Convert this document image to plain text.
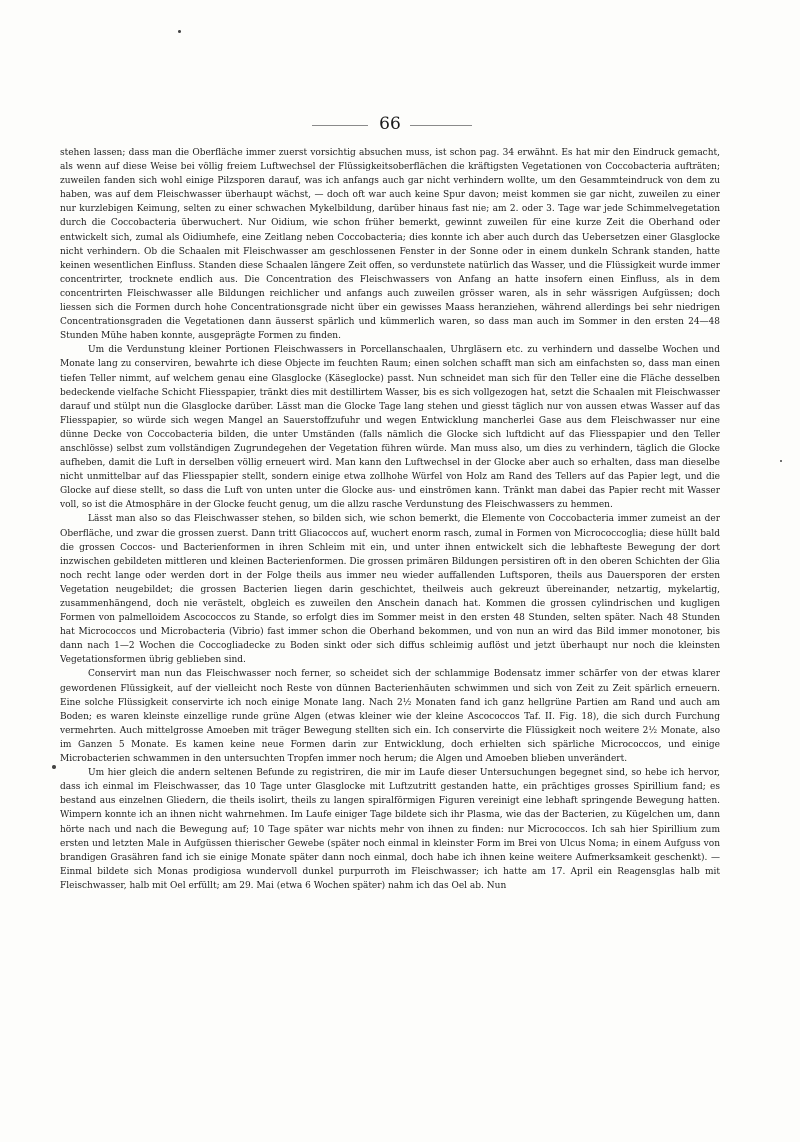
66

stehen lassen; dass man die Oberfläche immer zuerst vorsichtig absuchen muss, ist schon pag. 34 erwähnt. Es hat mir den Eindruck gemacht, als wenn auf diese Weise bei völlig freiem Luftwechsel der Flüssigkeitsoberflächen die kräftigsten Vegetationen von Coccobacteria aufträten; zuweilen fanden sich wohl einige Pilzsporen darauf, was ich anfangs auch gar nicht verhindern wollte, um den Gesammteindruck von dem zu haben, was auf dem Fleischwasser überhaupt wächst, — doch oft war auch keine Spur davon; meist kommen sie gar nicht, zuweilen zu einer nur kurzlebigen Keimung, selten zu einer schwachen Mykelbildung, darüber hinaus fast nie; am 2. oder 3. Tage war jede Schimmelvegetation durch die Coccobacteria überwuchert. Nur Oidium, wie schon früher bemerkt, gewinnt zuweilen für eine kurze Zeit die Oberhand oder entwickelt sich, zumal als Oidiumhefe, eine Zeitlang neben Coccobacteria; dies konnte ich aber auch durch das Uebersetzen einer Glasglocke nicht verhindern. Ob die Schaalen mit Fleischwasser am geschlossenen Fenster in der Sonne oder in einem dunkeln Schrank standen, hatte keinen wesentlichen Einfluss. Standen diese Schaalen längere Zeit offen, so verdunstete natürlich das Wasser, und die Flüssigkeit wurde immer concentrirter, trocknete endlich aus. Die Concentration des Fleischwassers von Anfang an hatte insofern einen Einfluss, als in dem concentrirten Fleischwasser alle Bildungen reichlicher und anfangs auch zuweilen grösser waren, als in sehr wässrigen Aufgüssen; doch liessen sich die Formen durch hohe Concentrationsgrade nicht über ein gewisses Maass heranziehen, während allerdings bei sehr niedrigen Concentrationsgraden die Vegetationen dann äusserst spärlich und kümmerlich waren, so dass man auch im Sommer in den ersten 24—48 Stunden Mühe haben konnte, ausgeprägte Formen zu finden.

Um die Verdunstung kleiner Portionen Fleischwassers in Porcellanschaalen, Uhrgläsern etc. zu verhindern und dasselbe Wochen und Monate lang zu conserviren, bewahrte ich diese Objecte im feuchten Raum; einen solchen schafft man sich am einfachsten so, dass man einen tiefen Teller nimmt, auf welchem genau eine Glasglocke (Käseglocke) passt. Nun schneidet man sich für den Teller eine die Fläche desselben bedeckende vielfache Schicht Fliesspapier, tränkt dies mit destillirtem Wasser, bis es sich vollgezogen hat, setzt die Schaalen mit Fleischwasser darauf und stülpt nun die Glasglocke darüber. Lässt man die Glocke Tage lang stehen und giesst täglich nur von aussen etwas Wasser auf das Fliesspapier, so würde sich wegen Mangel an Sauerstoffzufuhr und wegen Entwicklung mancherlei Gase aus dem Fleischwasser nur eine dünne Decke von Coccobacteria bilden, die unter Umständen (falls nämlich die Glocke sich luftdicht auf das Fliesspapier und den Teller anschlösse) selbst zum vollständigen Zugrundegehen der Vegetation führen würde. Man muss also, um dies zu verhindern, täglich die Glocke aufheben, damit die Luft in derselben völlig erneuert wird. Man kann den Luftwechsel in der Glocke aber auch so erhalten, dass man dieselbe nicht unmittelbar auf das Fliesspapier stellt, sondern einige etwa zollhohe Würfel von Holz am Rand des Tellers auf das Papier legt, und die Glocke auf diese stellt, so dass die Luft von unten unter die Glocke aus- und einströmen kann. Tränkt man dabei das Papier recht mit Wasser voll, so ist die Atmosphäre in der Glocke feucht genug, um die allzu rasche Verdunstung des Fleischwassers zu hemmen.

Lässt man also so das Fleischwasser stehen, so bilden sich, wie schon bemerkt, die Elemente von Coccobacteria immer zumeist an der Oberfläche, und zwar die grossen zuerst. Dann tritt Gliacoccos auf, wuchert enorm rasch, zumal in Formen von Micrococcoglia; diese hüllt bald die grossen Coccos- und Bacterienformen in ihren Schleim mit ein, und unter ihnen entwickelt sich die lebhafteste Bewegung der dort inzwischen gebildeten mittleren und kleinen Bacterienformen. Die grossen primären Bildungen persistiren oft in den oberen Schichten der Glia noch recht lange oder werden dort in der Folge theils aus immer neu wieder auffallenden Luftsporen, theils aus Dauersporen der ersten Vegetation neugebildet; die grossen Bacterien liegen darin geschichtet, theilweis auch gekreuzt übereinander, netzartig, mykelartig, zusammenhängend, doch nie verästelt, obgleich es zuweilen den Anschein danach hat. Kommen die grossen cylindrischen und kugligen Formen von palmelloidem Ascococcos zu Stande, so erfolgt dies im Sommer meist in den ersten 48 Stunden, selten später. Nach 48 Stunden hat Micrococcos und Microbacteria (Vibrio) fast immer schon die Oberhand bekommen, und von nun an wird das Bild immer monotoner, bis dann nach 1—2 Wochen die Coccogliadecke zu Boden sinkt oder sich diffus schleimig auflöst und jetzt überhaupt nur noch die kleinsten Vegetationsformen übrig geblieben sind.

Conservirt man nun das Fleischwasser noch ferner, so scheidet sich der schlammige Bodensatz immer schärfer von der etwas klarer gewordenen Flüssigkeit, auf der vielleicht noch Reste von dünnen Bacterienhäuten schwimmen und sich von Zeit zu Zeit spärlich erneuern. Eine solche Flüssigkeit conservirte ich noch einige Monate lang. Nach 2½ Monaten fand ich ganz hellgrüne Partien am Rand und auch am Boden; es waren kleinste einzellige runde grüne Algen (etwas kleiner wie der kleine Ascococcos Taf. II. Fig. 18), die sich durch Furchung vermehrten. Auch mittelgrosse Amoeben mit träger Bewegung stellten sich ein. Ich conservirte die Flüssigkeit noch weitere 2½ Monate, also im Ganzen 5 Monate. Es kamen keine neue Formen darin zur Entwicklung, doch erhielten sich spärliche Micrococcos, und einige Microbacterien schwammen in den untersuchten Tropfen immer noch herum; die Algen und Amoeben blieben unverändert.

Um hier gleich die andern seltenen Befunde zu registriren, die mir im Laufe dieser Untersuchungen begegnet sind, so hebe ich hervor, dass ich einmal im Fleischwasser, das 10 Tage unter Glasglocke mit Luftzutritt gestanden hatte, ein prächtiges grosses Spirillium fand; es bestand aus einzelnen Gliedern, die theils isolirt, theils zu langen spiralförmigen Figuren vereinigt eine lebhaft springende Bewegung hatten. Wimpern konnte ich an ihnen nicht wahrnehmen. Im Laufe einiger Tage bildete sich ihr Plasma, wie das der Bacterien, zu Kügelchen um, dann hörte nach und nach die Bewegung auf; 10 Tage später war nichts mehr von ihnen zu finden: nur Micrococcos. Ich sah hier Spirillium zum ersten und letzten Male in Aufgüssen thierischer Gewebe (später noch einmal in kleinster Form im Brei von Ulcus Noma; in einem Aufguss von brandigen Grasähren fand ich sie einige Monate später dann noch einmal, doch habe ich ihnen keine weitere Aufmerksamkeit geschenkt). — Einmal bildete sich Monas prodigiosa wundervoll dunkel purpurroth im Fleischwasser; ich hatte am 17. April ein Reagensglas halb mit Fleischwasser, halb mit Oel erfüllt; am 29. Mai (etwa 6 Wochen später) nahm ich das Oel ab. Nun
